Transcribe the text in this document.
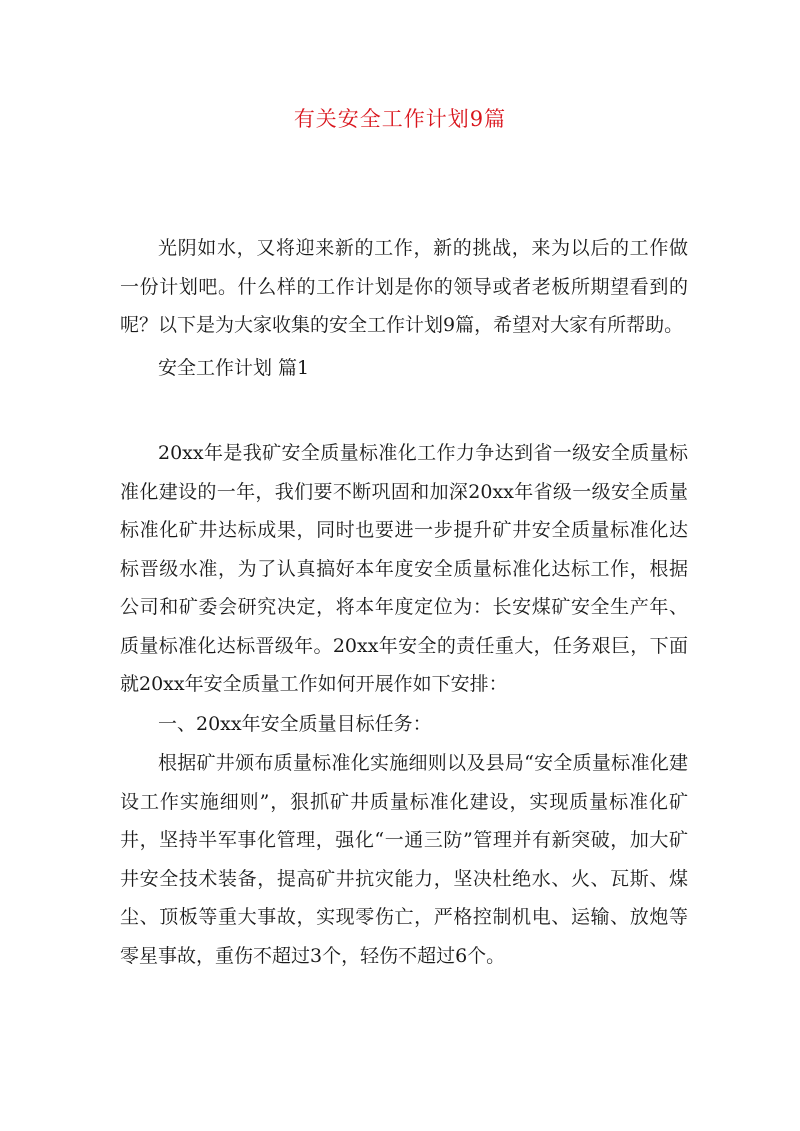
有关安全工作计划9篇

光阴如水，又将迎来新的工作，新的挑战，来为以后的工作做一份计划吧。什么样的工作计划是你的领导或者老板所期望看到的呢？以下是为大家收集的安全工作计划9篇，希望对大家有所帮助。

安全工作计划 篇1

20xx年是我矿安全质量标准化工作力争达到省一级安全质量标准化建设的一年，我们要不断巩固和加深20xx年省级一级安全质量标准化矿井达标成果，同时也要进一步提升矿井安全质量标准化达标晋级水准，为了认真搞好本年度安全质量标准化达标工作，根据公司和矿委会研究决定，将本年度定位为：长安煤矿安全生产年、质量标准化达标晋级年。20xx年安全的责任重大，任务艰巨，下面就20xx年安全质量工作如何开展作如下安排：

一、20xx年安全质量目标任务：

根据矿井颁布质量标准化实施细则以及县局“安全质量标准化建设工作实施细则”，狠抓矿井质量标准化建设，实现质量标准化矿井，坚持半军事化管理，强化“一通三防”管理并有新突破，加大矿井安全技术装备，提高矿井抗灾能力，坚决杜绝水、火、瓦斯、煤尘、顶板等重大事故，实现零伤亡，严格控制机电、运输、放炮等零星事故，重伤不超过3个，轻伤不超过6个。
